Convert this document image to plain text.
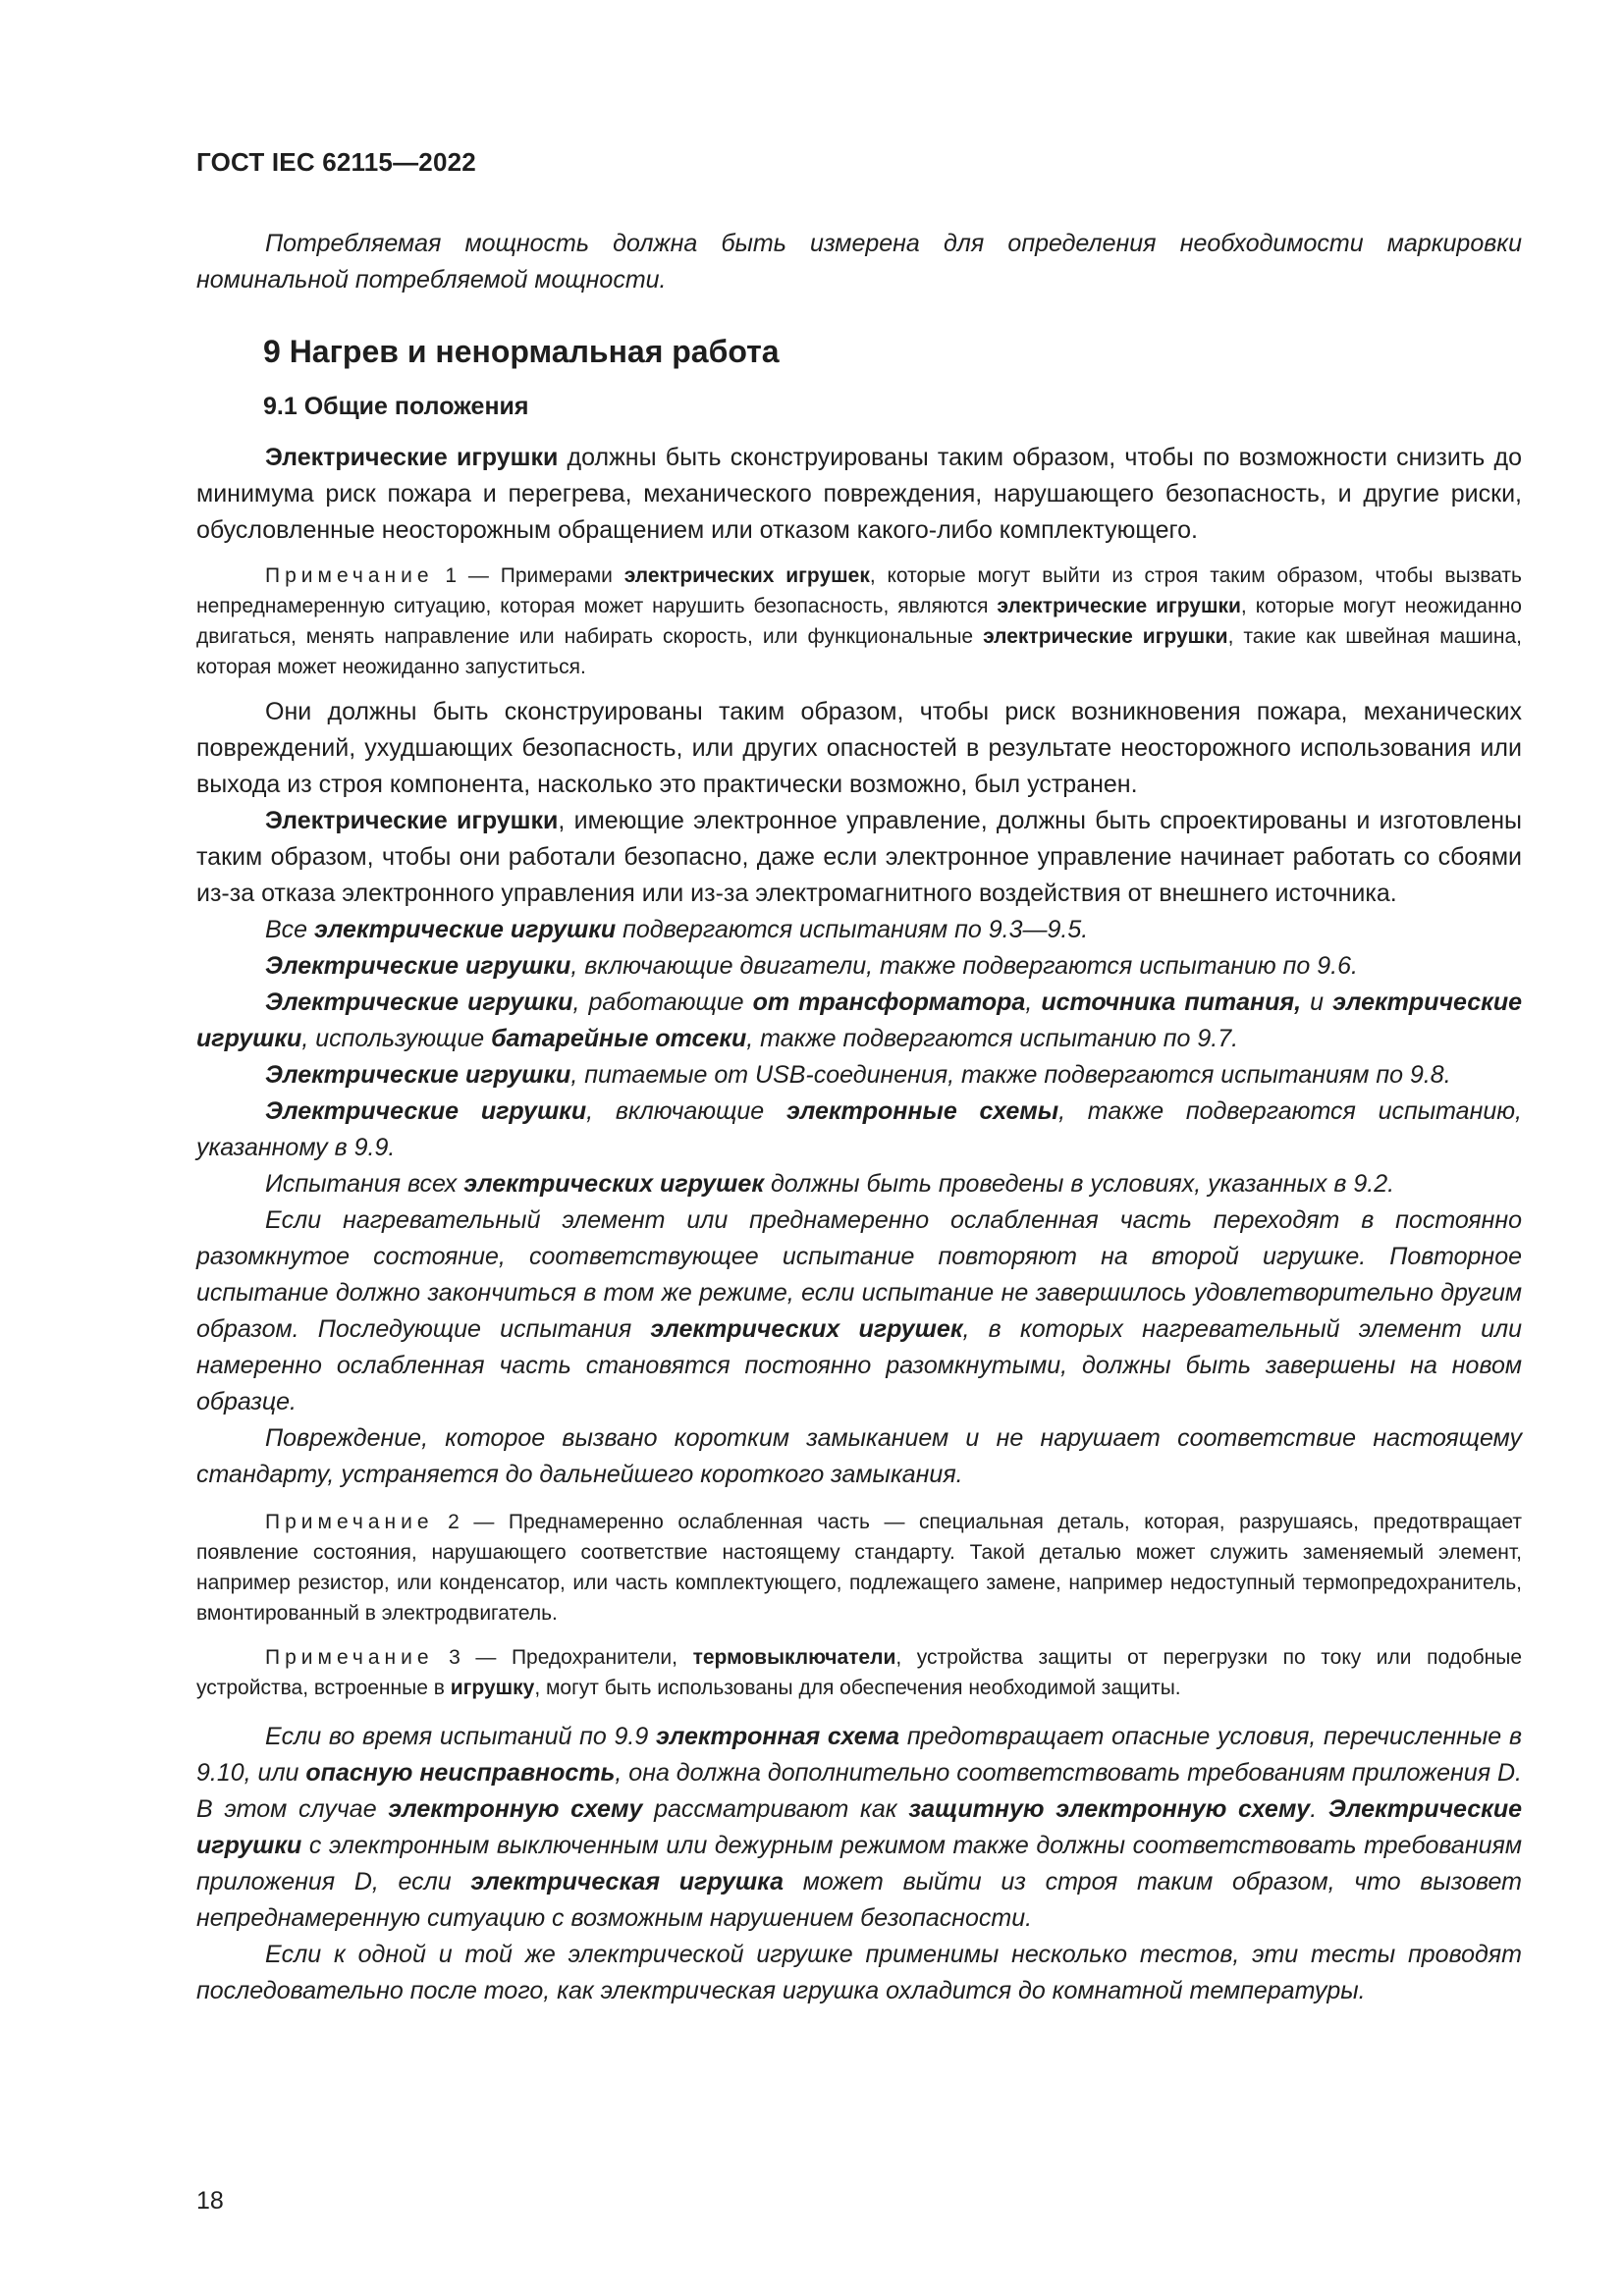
ГОСТ IEC 62115—2022

Потребляемая мощность должна быть измерена для определения необходимости маркировки номинальной потребляемой мощности.

9 Нагрев и ненормальная работа
9.1 Общие положения

Электрические игрушки должны быть сконструированы таким образом, чтобы по возможности снизить до минимума риск пожара и перегрева, механического повреждения, нарушающего безопасность, и другие риски, обусловленные неосторожным обращением или отказом какого-либо комплектующего.

Примечание 1 — Примерами электрических игрушек, которые могут выйти из строя таким образом, чтобы вызвать непреднамеренную ситуацию, которая может нарушить безопасность, являются электрические игрушки, которые могут неожиданно двигаться, менять направление или набирать скорость, или функциональные электрические игрушки, такие как швейная машина, которая может неожиданно запуститься.

Они должны быть сконструированы таким образом, чтобы риск возникновения пожара, механических повреждений, ухудшающих безопасность, или других опасностей в результате неосторожного использования или выхода из строя компонента, насколько это практически возможно, был устранен.

Электрические игрушки, имеющие электронное управление, должны быть спроектированы и изготовлены таким образом, чтобы они работали безопасно, даже если электронное управление начинает работать со сбоями из-за отказа электронного управления или из-за электромагнитного воздействия от внешнего источника.

Все электрические игрушки подвергаются испытаниям по 9.3—9.5.

Электрические игрушки, включающие двигатели, также подвергаются испытанию по 9.6.

Электрические игрушки, работающие от трансформатора, источника питания, и электрические игрушки, использующие батарейные отсеки, также подвергаются испытанию по 9.7.

Электрические игрушки, питаемые от USB-соединения, также подвергаются испытаниям по 9.8.

Электрические игрушки, включающие электронные схемы, также подвергаются испытанию, указанному в 9.9.

Испытания всех электрических игрушек должны быть проведены в условиях, указанных в 9.2.

Если нагревательный элемент или преднамеренно ослабленная часть переходят в постоянно разомкнутое состояние, соответствующее испытание повторяют на второй игрушке. Повторное испытание должно закончиться в том же режиме, если испытание не завершилось удовлетворительно другим образом. Последующие испытания электрических игрушек, в которых нагревательный элемент или намеренно ослабленная часть становятся постоянно разомкнутыми, должны быть завершены на новом образце.

Повреждение, которое вызвано коротким замыканием и не нарушает соответствие настоящему стандарту, устраняется до дальнейшего короткого замыкания.

Примечание 2 — Преднамеренно ослабленная часть — специальная деталь, которая, разрушаясь, предотвращает появление состояния, нарушающего соответствие настоящему стандарту. Такой деталью может служить заменяемый элемент, например резистор, или конденсатор, или часть комплектующего, подлежащего замене, например недоступный термопредохранитель, вмонтированный в электродвигатель.

Примечание 3 — Предохранители, термовыключатели, устройства защиты от перегрузки по току или подобные устройства, встроенные в игрушку, могут быть использованы для обеспечения необходимой защиты.

Если во время испытаний по 9.9 электронная схема предотвращает опасные условия, перечисленные в 9.10, или опасную неисправность, она должна дополнительно соответствовать требованиям приложения D. В этом случае электронную схему рассматривают как защитную электронную схему. Электрические игрушки с электронным выключенным или дежурным режимом также должны соответствовать требованиям приложения D, если электрическая игрушка может выйти из строя таким образом, что вызовет непреднамеренную ситуацию с возможным нарушением безопасности.

Если к одной и той же электрической игрушке применимы несколько тестов, эти тесты проводят последовательно после того, как электрическая игрушка охладится до комнатной температуры.

18
